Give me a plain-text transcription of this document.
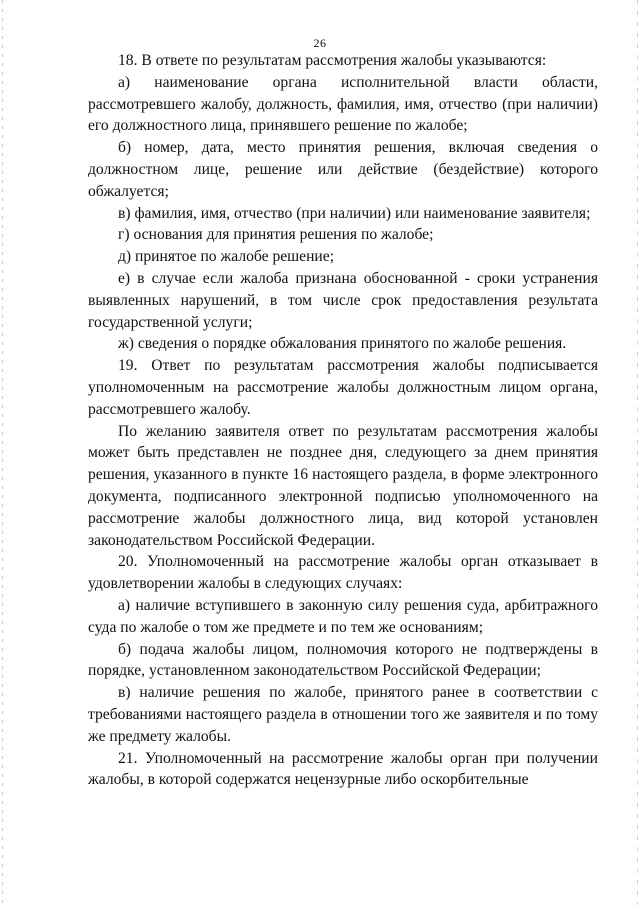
26

18. В ответе по результатам рассмотрения жалобы указываются:

а) наименование органа исполнительной власти области, рассмотревшего жалобу, должность, фамилия, имя, отчество (при наличии) его должностного лица, принявшего решение по жалобе;

б) номер, дата, место принятия решения, включая сведения о должностном лице, решение или действие (бездействие) которого обжалуется;

в) фамилия, имя, отчество (при наличии) или наименование заявителя;

г) основания для принятия решения по жалобе;

д) принятое по жалобе решение;

е) в случае если жалоба признана обоснованной - сроки устранения выявленных нарушений, в том числе срок предоставления результата государственной услуги;

ж) сведения о порядке обжалования принятого по жалобе решения.

19. Ответ по результатам рассмотрения жалобы подписывается уполномоченным на рассмотрение жалобы должностным лицом органа, рассмотревшего жалобу.

По желанию заявителя ответ по результатам рассмотрения жалобы может быть представлен не позднее дня, следующего за днем принятия решения, указанного в пункте 16 настоящего раздела, в форме электронного документа, подписанного электронной подписью уполномоченного на рассмотрение жалобы должностного лица, вид которой установлен законодательством Российской Федерации.

20. Уполномоченный на рассмотрение жалобы орган отказывает в удовлетворении жалобы в следующих случаях:

а) наличие вступившего в законную силу решения суда, арбитражного суда по жалобе о том же предмете и по тем же основаниям;

б) подача жалобы лицом, полномочия которого не подтверждены в порядке, установленном законодательством Российской Федерации;

в) наличие решения по жалобе, принятого ранее в соответствии с требованиями настоящего раздела в отношении того же заявителя и по тому же предмету жалобы.

21. Уполномоченный на рассмотрение жалобы орган при получении жалобы, в которой содержатся нецензурные либо оскорбительные
